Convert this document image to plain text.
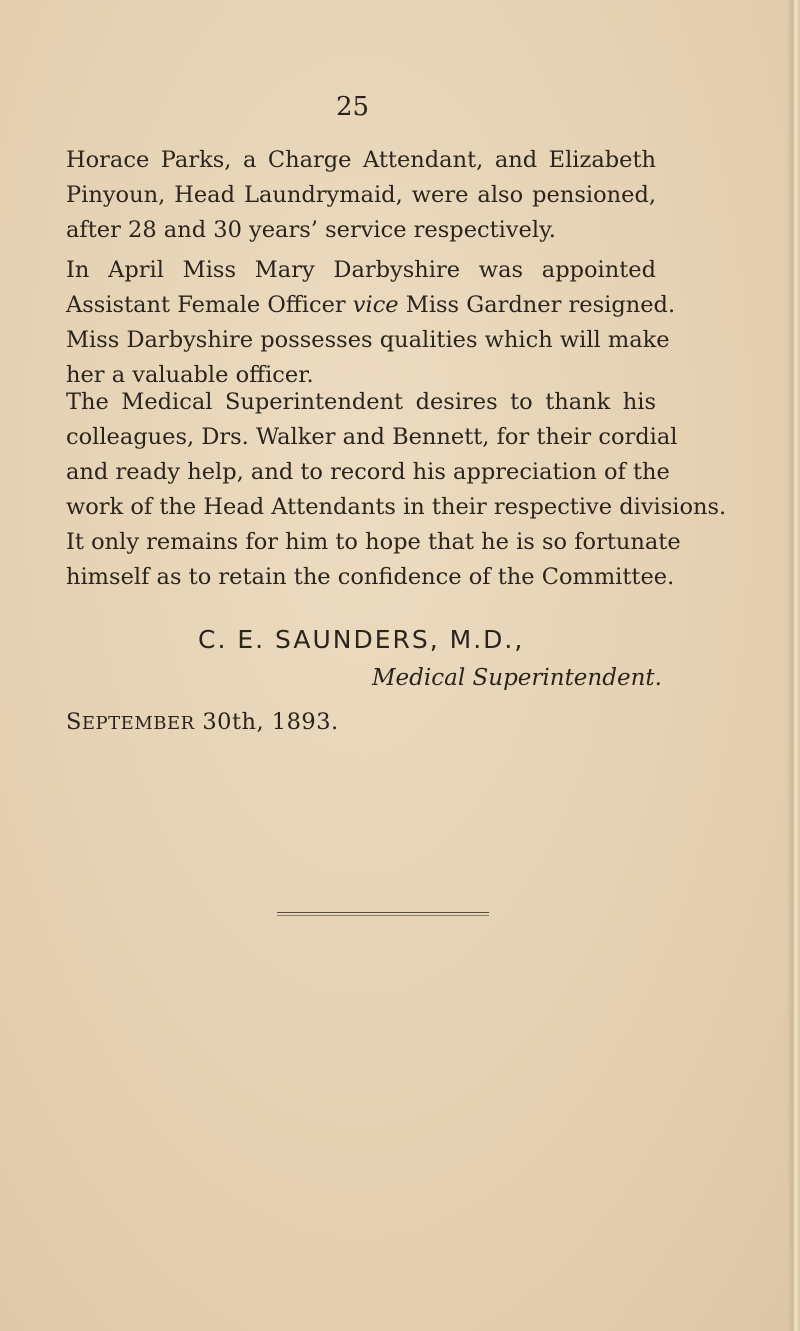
25

Horace Parks, a Charge Attendant, and Elizabeth
Pinyoun, Head Laundrymaid, were also pensioned,
after 28 and 30 years’ service respectively.

In April Miss Mary Darbyshire was appointed
Assistant Female Officer vice Miss Gardner resigned.
Miss Darbyshire possesses qualities which will make
her a valuable officer.

The Medical Superintendent desires to thank his
colleagues, Drs. Walker and Bennett, for their cordial
and ready help, and to record his appreciation of the
work of the Head Attendants in their respective divisions.

It only remains for him to hope that he is so fortunate
himself as to retain the confidence of the Committee.

C. E. SAUNDERS, M.D.,
Medical Superintendent.
SEPTEMBER 30th, 1893.
